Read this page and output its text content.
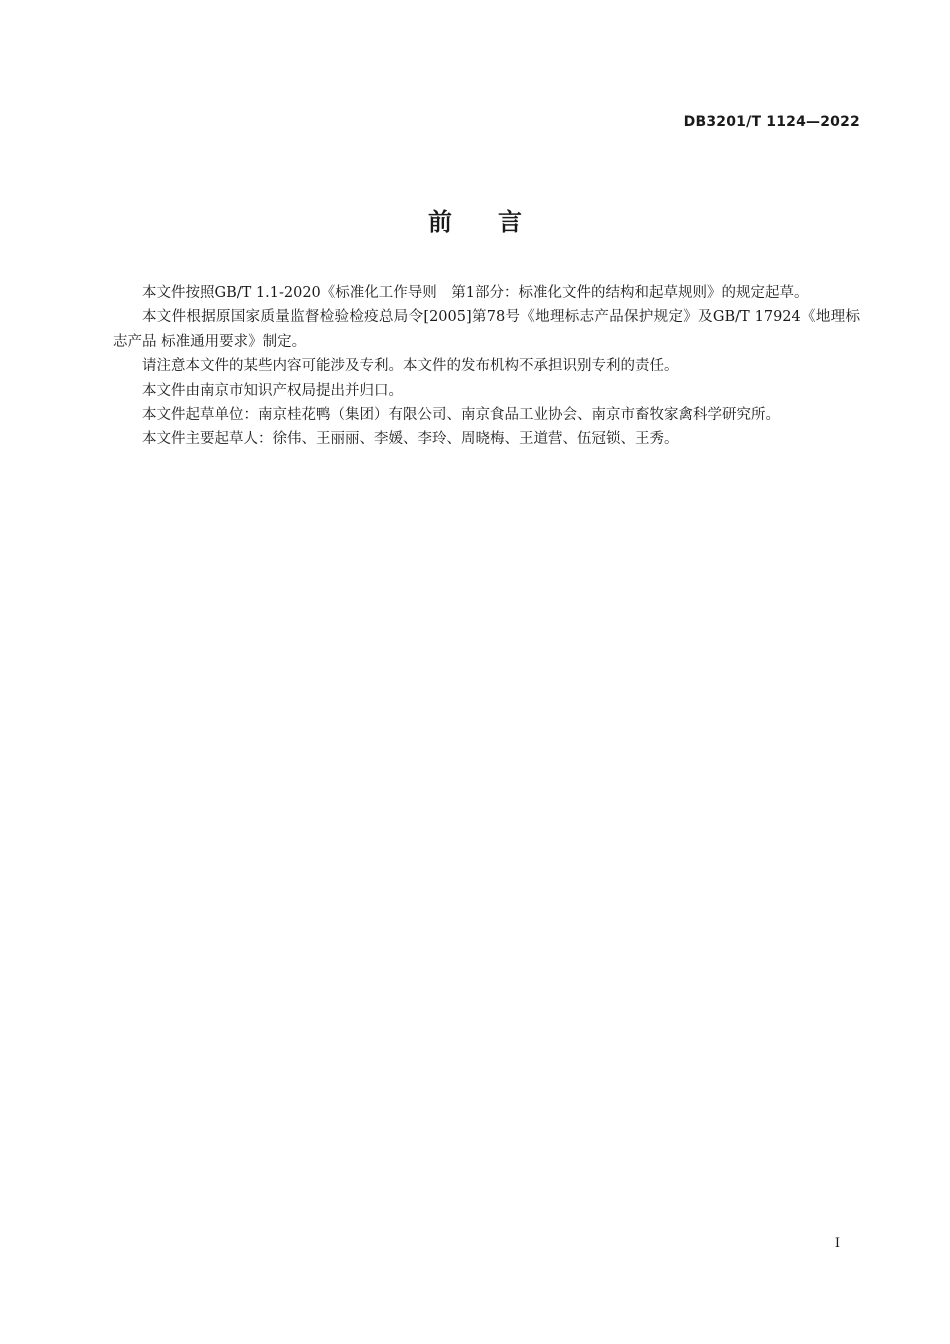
DB3201/T 1124—2022
前言

本文件按照GB/T 1.1-2020《标准化工作导则　第1部分：标准化文件的结构和起草规则》的规定起草。

本文件根据原国家质量监督检验检疫总局令[2005]第78号《地理标志产品保护规定》及GB/T 17924《地理标志产品 标准通用要求》制定。

请注意本文件的某些内容可能涉及专利。本文件的发布机构不承担识别专利的责任。

本文件由南京市知识产权局提出并归口。

本文件起草单位：南京桂花鸭（集团）有限公司、南京食品工业协会、南京市畜牧家禽科学研究所。

本文件主要起草人：徐伟、王丽丽、李媛、李玲、周晓梅、王道营、伍冠锁、王秀。

I
